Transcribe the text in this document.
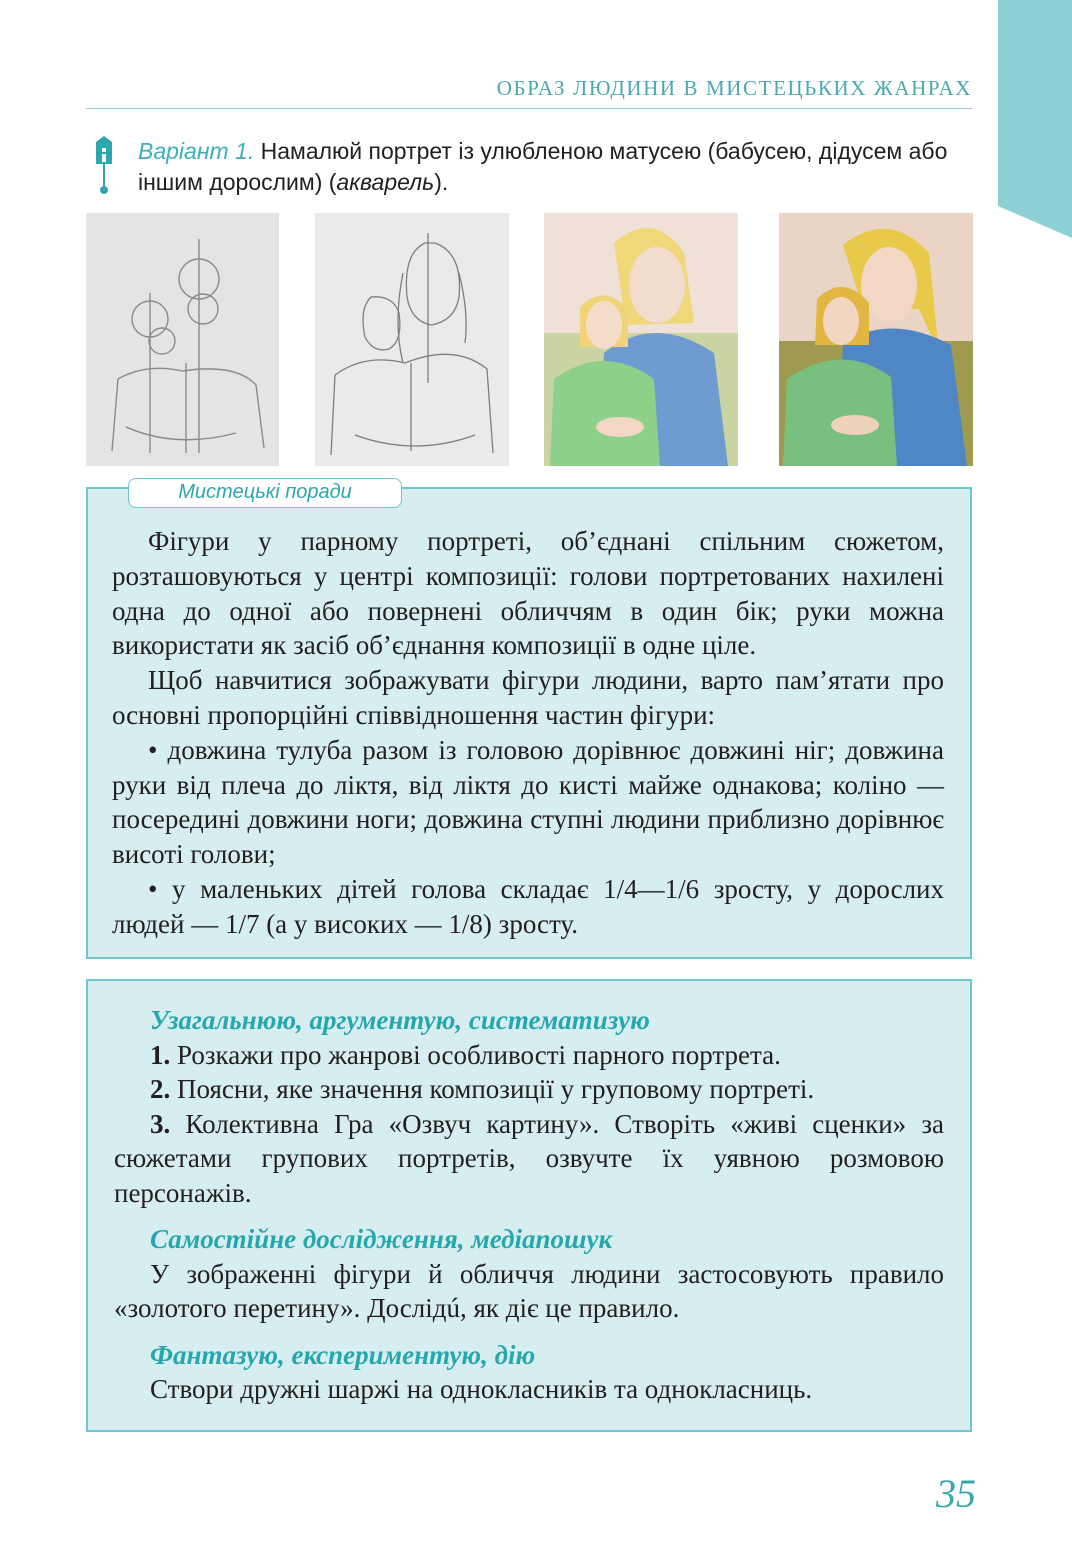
ОБРАЗ ЛЮДИНИ В МИСТЕЦЬКИХ ЖАНРАХ
Варіант 1. Намалюй портрет із улюбленою матусею (бабусею, дідусем або іншим дорослим) (акварель).
Мистецькі поради

Фігури у парному портреті, об’єднані спільним сюжетом, розташовуються у центрі композиції: голови портретованих нахилені одна до одної або повернені обличчям в один бік; руки можна використати як засіб об’єднання композиції в одне ціле.

Щоб навчитися зображувати фігури людини, варто пам’ятати про основні пропорційні співвідношення частин фігури:

• довжина тулуба разом із головою дорівнює довжині ніг; довжина руки від плеча до ліктя, від ліктя до кисті майже однакова; коліно — посередині довжини ноги; довжина ступні людини приблизно дорівнює висоті голови;

• у маленьких дітей голова складає 1/4—1/6 зросту, у дорослих людей — 1/7 (а у високих — 1/8) зросту.

Узагальнюю, аргументую, систематизую

1. Розкажи про жанрові особливості парного портрета.

2. Поясни, яке значення композиції у груповому портреті.

3. Колективна Гра «Озвуч картину». Створіть «живі сценки» за сюжетами групових портретів, озвучте їх уявною розмовою персонажів.

Самостійне дослідження, медіапошук

У зображенні фігури й обличчя людини застосовують правило «золотого перетину». Дослідú, як діє це правило.

Фантазую, експериментую, дію

Створи дружні шаржі на однокласників та однокласниць.

35
